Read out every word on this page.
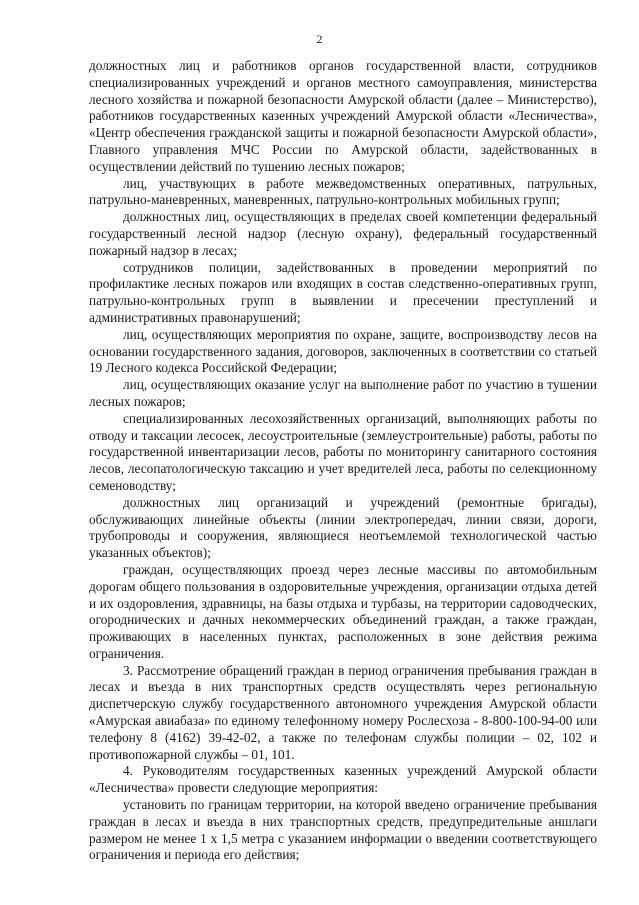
2

должностных лиц и работников органов государственной власти, сотрудников специализированных учреждений и органов местного самоуправления, министерства лесного хозяйства и пожарной безопасности Амурской области (далее – Министерство), работников государственных казенных учреждений Амурской области «Лесничества», «Центр обеспечения гражданской защиты и пожарной безопасности Амурской области», Главного управления МЧС России по Амурской области, задействованных в осуществлении действий по тушению лесных пожаров;

лиц, участвующих в работе межведомственных оперативных, патрульных, патрульно-маневренных, маневренных, патрульно-контрольных мобильных групп;

должностных лиц, осуществляющих в пределах своей компетенции федеральный государственный лесной надзор (лесную охрану), федеральный государственный пожарный надзор в лесах;

сотрудников полиции, задействованных в проведении мероприятий по профилактике лесных пожаров или входящих в состав следственно-оперативных групп, патрульно-контрольных групп в выявлении и пресечении преступлений и административных правонарушений;

лиц, осуществляющих мероприятия по охране, защите, воспроизводству лесов на основании государственного задания, договоров, заключенных в соответствии со статьей 19 Лесного кодекса Российской Федерации;

лиц, осуществляющих оказание услуг на выполнение работ по участию в тушении лесных пожаров;

специализированных лесохозяйственных организаций, выполняющих работы по отводу и таксации лесосек, лесоустроительные (землеустроительные) работы, работы по государственной инвентаризации лесов, работы по мониторингу санитарного состояния лесов, лесопатологическую таксацию и учет вредителей леса, работы по селекционному семеноводству;

должностных лиц организаций и учреждений (ремонтные бригады), обслуживающих линейные объекты (линии электропередач, линии связи, дороги, трубопроводы и сооружения, являющиеся неотъемлемой технологической частью указанных объектов);

граждан, осуществляющих проезд через лесные массивы по автомобильным дорогам общего пользования в оздоровительные учреждения, организации отдыха детей и их оздоровления, здравницы, на базы отдыха и турбазы, на территории садоводческих, огороднических и дачных некоммерческих объединений граждан, а также граждан, проживающих в населенных пунктах, расположенных в зоне действия режима ограничения.

3. Рассмотрение обращений граждан в период ограничения пребывания граждан в лесах и въезда в них транспортных средств осуществлять через региональную диспетчерскую службу государственного автономного учреждения Амурской области «Амурская авиабаза» по единому телефонному номеру Рослесхоза - 8-800-100-94-00 или телефону 8 (4162) 39-42-02, а также по телефонам службы полиции – 02, 102 и противопожарной службы – 01, 101.

4. Руководителям государственных казенных учреждений Амурской области «Лесничества» провести следующие мероприятия:

установить по границам территории, на которой введено ограничение пребывания граждан в лесах и въезда в них транспортных средств, предупредительные аншлаги размером не менее 1 х 1,5 метра с указанием информации о введении соответствующего ограничения и периода его действия;
